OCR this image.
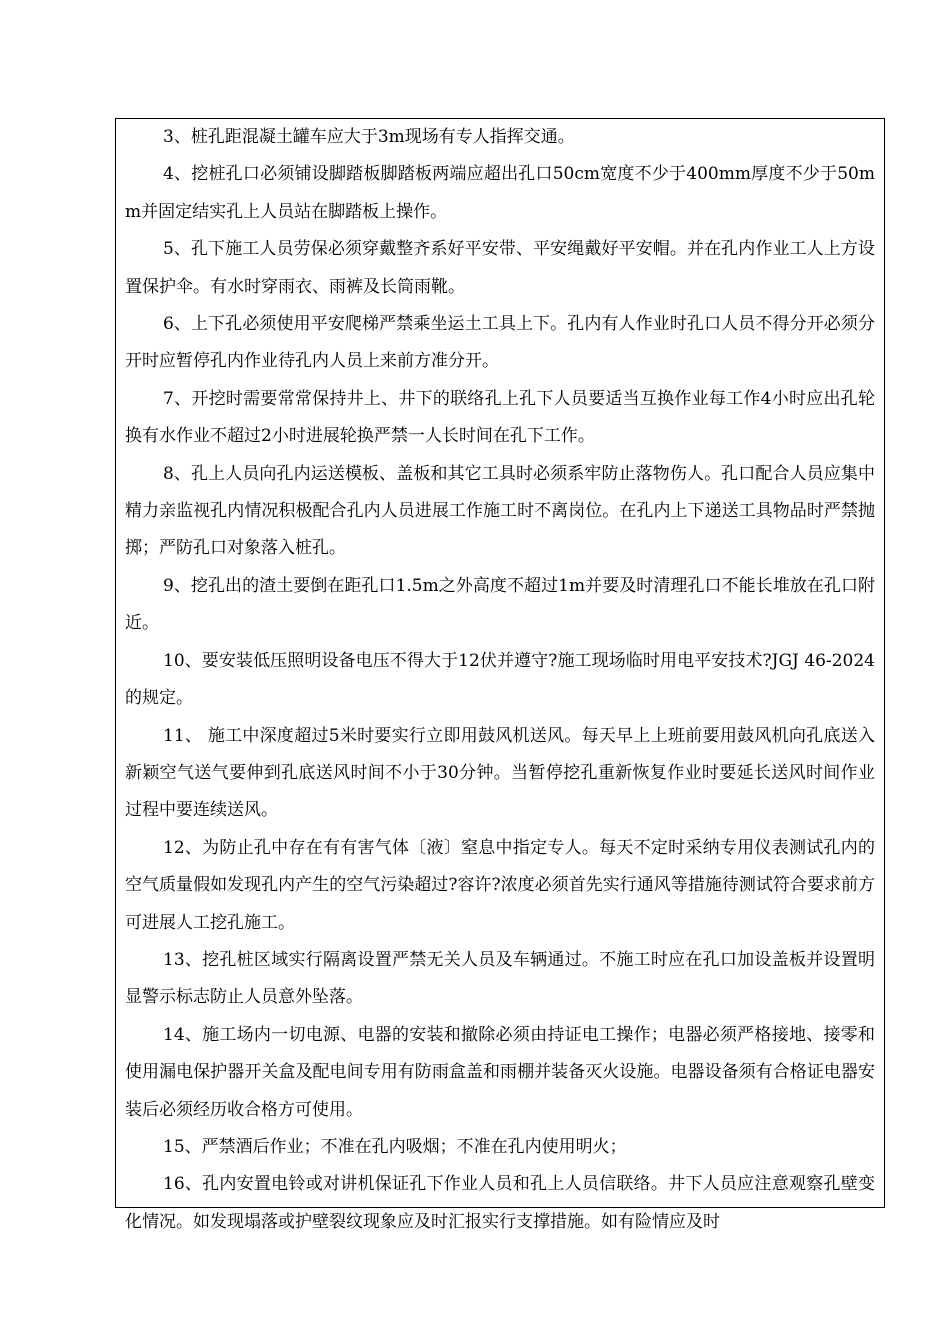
3、桩孔距混凝土罐车应大于3m现场有专人指挥交通。

4、挖桩孔口必须铺设脚踏板脚踏板两端应超出孔口50cm宽度不少于400mm厚度不少于50mm并固定结实孔上人员站在脚踏板上操作。

5、孔下施工人员劳保必须穿戴整齐系好平安带、平安绳戴好平安帽。并在孔内作业工人上方设置保护伞。有水时穿雨衣、雨裤及长筒雨靴。

6、上下孔必须使用平安爬梯严禁乘坐运土工具上下。孔内有人作业时孔口人员不得分开必须分开时应暂停孔内作业待孔内人员上来前方准分开。

7、开挖时需要常常保持井上、井下的联络孔上孔下人员要适当互换作业每工作4小时应出孔轮换有水作业不超过2小时进展轮换严禁一人长时间在孔下工作。

8、孔上人员向孔内运送模板、盖板和其它工具时必须系牢防止落物伤人。孔口配合人员应集中精力亲监视孔内情况积极配合孔内人员进展工作施工时不离岗位。在孔内上下递送工具物品时严禁抛掷；严防孔口对象落入桩孔。

9、挖孔出的渣土要倒在距孔口1.5m之外高度不超过1m并要及时清理孔口不能长堆放在孔口附近。

10、要安装低压照明设备电压不得大于12伏并遵守?施工现场临时用电平安技术?JGJ 46-2024的规定。

11、 施工中深度超过5米时要实行立即用鼓风机送风。每天早上上班前要用鼓风机向孔底送入新颖空气送气要伸到孔底送风时间不小于30分钟。当暂停挖孔重新恢复作业时要延长送风时间作业过程中要连续送风。

12、为防止孔中存在有有害气体〔液〕窒息中指定专人。每天不定时采纳专用仪表测试孔内的空气质量假如发现孔内产生的空气污染超过?容许?浓度必须首先实行通风等措施待测试符合要求前方可进展人工挖孔施工。

13、挖孔桩区域实行隔离设置严禁无关人员及车辆通过。不施工时应在孔口加设盖板并设置明显警示标志防止人员意外坠落。

14、施工场内一切电源、电器的安装和撤除必须由持证电工操作；电器必须严格接地、接零和使用漏电保护器开关盒及配电间专用有防雨盒盖和雨棚并装备灭火设施。电器设备须有合格证电器安装后必须经历收合格方可使用。

15、严禁酒后作业；不准在孔内吸烟；不准在孔内使用明火；

16、孔内安置电铃或对讲机保证孔下作业人员和孔上人员信联络。井下人员应注意观察孔壁变化情况。如发现塌落或护壁裂纹现象应及时汇报实行支撑措施。如有险情应及时
